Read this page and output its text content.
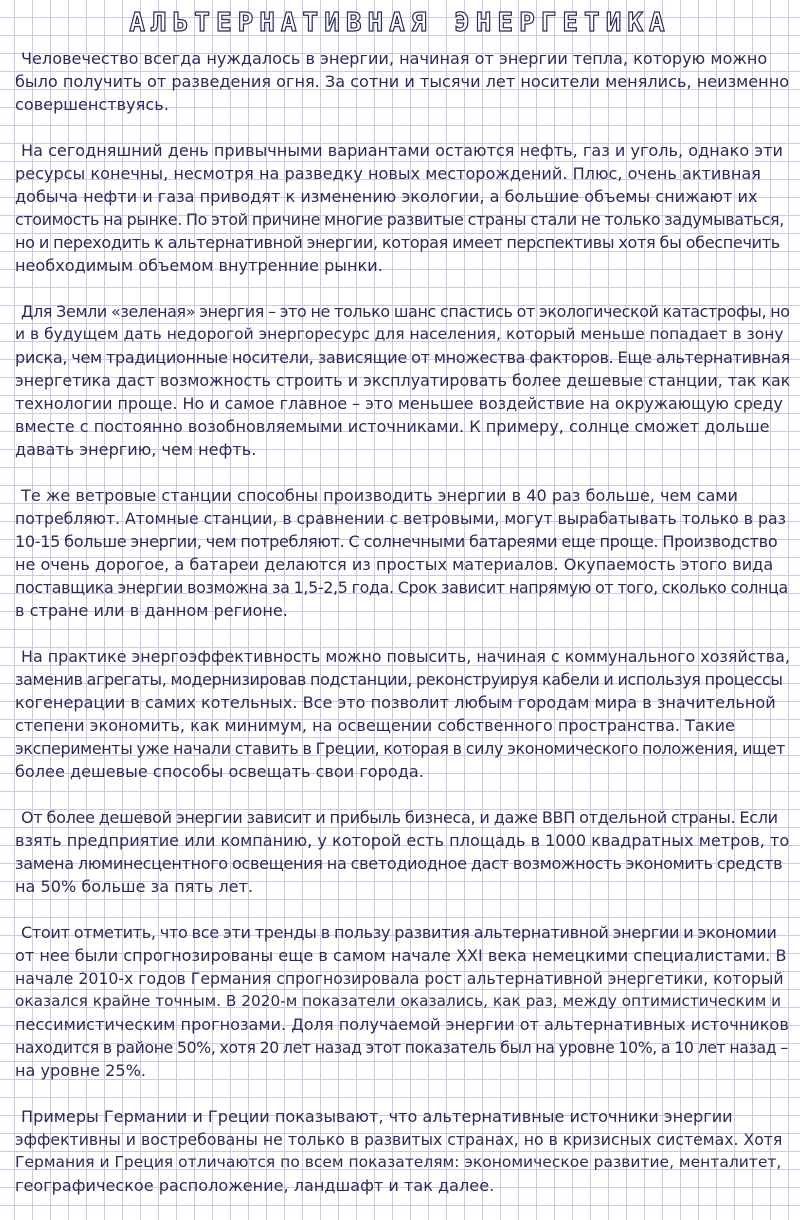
АЛЬТЕРНАТИВНАЯ ЭНЕРГЕТИКА
Человечество всегда нуждалось в энергии, начиная от энергии тепла, которую можно
было получить от разведения огня. За сотни и тысячи лет носители менялись, неизменно
совершенствуясь.
На сегодняшний день привычными вариантами остаются нефть, газ и уголь, однако эти
ресурсы конечны, несмотря на разведку новых месторождений. Плюс, очень активная
добыча нефти и газа приводят к изменению экологии, а большие объемы снижают их
стоимость на рынке. По этой причине многие развитые страны стали не только задумываться,
но и переходить к альтернативной энергии, которая имеет перспективы хотя бы обеспечить
необходимым объемом внутренние рынки.
Для Земли «зеленая» энергия – это не только шанс спастись от экологической катастрофы, но
и в будущем дать недорогой энергоресурс для населения, который меньше попадает в зону
риска, чем традиционные носители, зависящие от множества факторов. Еще альтернативная
энергетика даст возможность строить и эксплуатировать более дешевые станции, так как
технологии проще. Но и самое главное – это меньшее воздействие на окружающую среду
вместе с постоянно возобновляемыми источниками. К примеру, солнце сможет дольше
давать энергию, чем нефть.
Те же ветровые станции способны производить энергии в 40 раз больше, чем сами
потребляют. Атомные станции, в сравнении с ветровыми, могут вырабатывать только в раз
10-15 больше энергии, чем потребляют. С солнечными батареями еще проще. Производство
не очень дорогое, а батареи делаются из простых материалов. Окупаемость этого вида
поставщика энергии возможна за 1,5-2,5 года. Срок зависит напрямую от того, сколько солнца
в стране или в данном регионе.
На практике энергоэффективность можно повысить, начиная с коммунального хозяйства,
заменив агрегаты, модернизировав подстанции, реконструируя кабели и используя процессы
когенерации в самих котельных. Все это позволит любым городам мира в значительной
степени экономить, как минимум, на освещении собственного пространства. Такие
эксперименты уже начали ставить в Греции, которая в силу экономического положения, ищет
более дешевые способы освещать свои города.
От более дешевой энергии зависит и прибыль бизнеса, и даже ВВП отдельной страны. Если
взять предприятие или компанию, у которой есть площадь в 1000 квадратных метров, то
замена люминесцентного освещения на светодиодное даст возможность экономить средств
на 50% больше за пять лет.
Стоит отметить, что все эти тренды в пользу развития альтернативной энергии и экономии
от нее были спрогнозированы еще в самом начале XXI века немецкими специалистами. В
начале 2010-х годов Германия спрогнозировала рост альтернативной энергетики, который
оказался крайне точным. В 2020-м показатели оказались, как раз, между оптимистическим и
пессимистическим прогнозами. Доля получаемой энергии от альтернативных источников
находится в районе 50%, хотя 20 лет назад этот показатель был на уровне 10%, а 10 лет назад –
на уровне 25%.
Примеры Германии и Греции показывают, что альтернативные источники энергии
эффективны и востребованы не только в развитых странах, но в кризисных системах. Хотя
Германия и Греция отличаются по всем показателям: экономическое развитие, менталитет,
географическое расположение, ландшафт и так далее.
